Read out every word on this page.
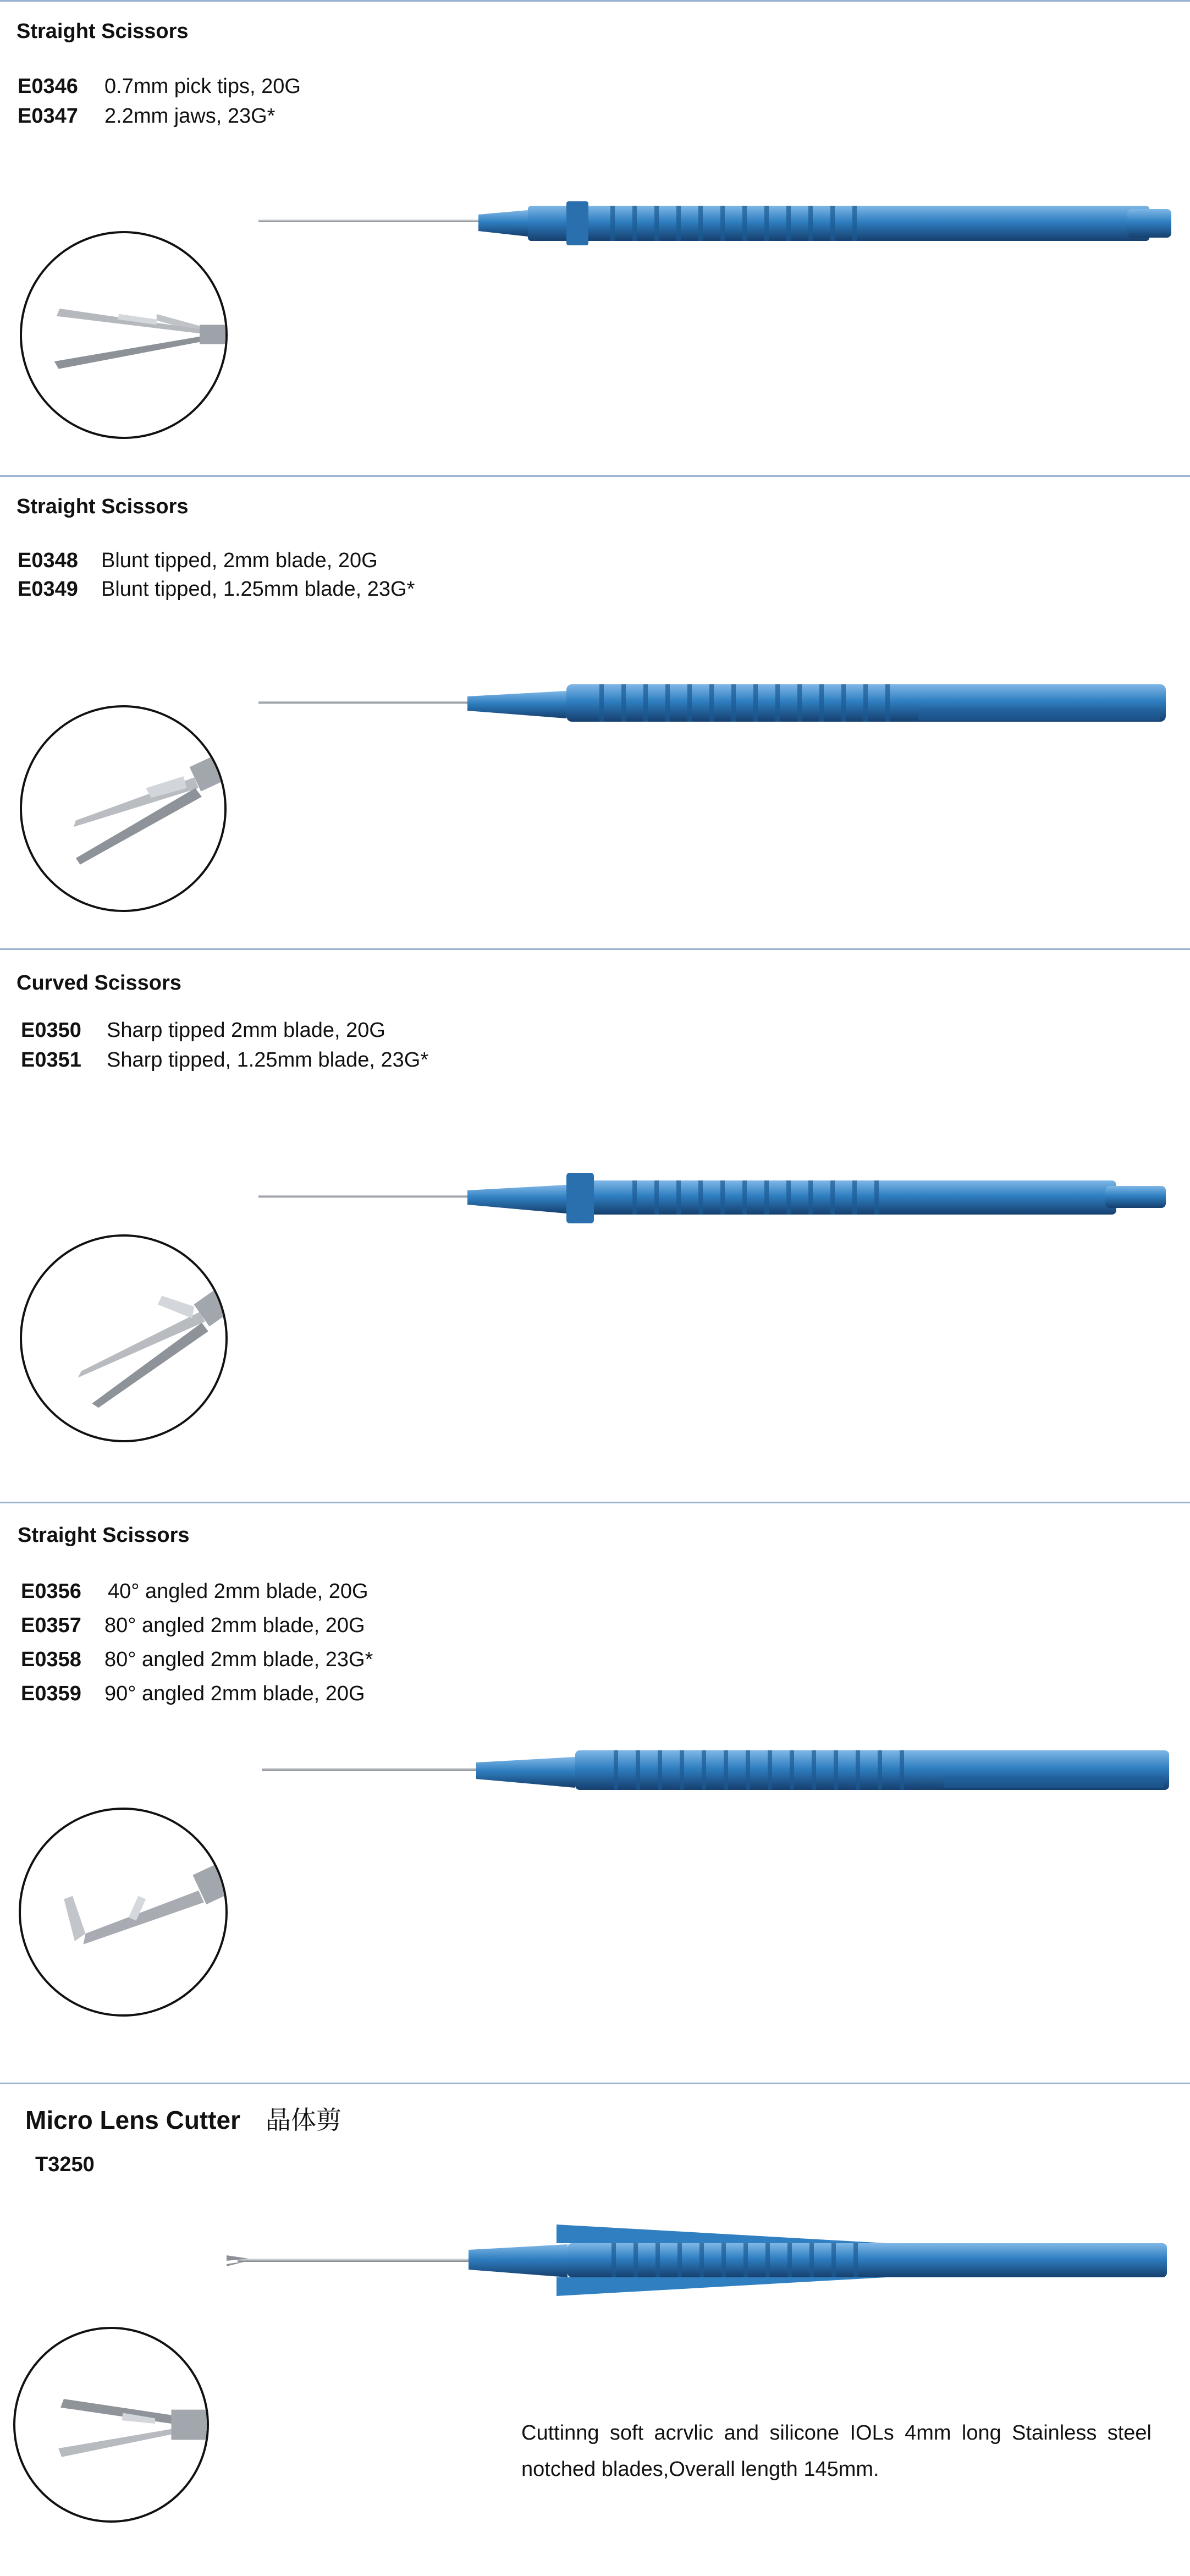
Straight Scissors
E0346 0.7mm pick tips, 20G
E0347 2.2mm jaws, 23G*
Straight Scissors
E0348 Blunt tipped, 2mm blade, 20G
E0349 Blunt tipped, 1.25mm blade, 23G*
Curved Scissors
E0350 Sharp tipped 2mm blade, 20G
E0351 Sharp tipped, 1.25mm blade, 23G*
Straight Scissors
E0356 40° angled 2mm blade, 20G
E0357 80° angled 2mm blade, 20G
E0358 80° angled 2mm blade, 23G*
E0359 90° angled 2mm blade, 20G
Micro Lens Cutter 晶体剪
T3250
Cuttinng soft acrvlic and silicone IOLs 4mm long Stainless steel notched blades,Overall length 145mm.
